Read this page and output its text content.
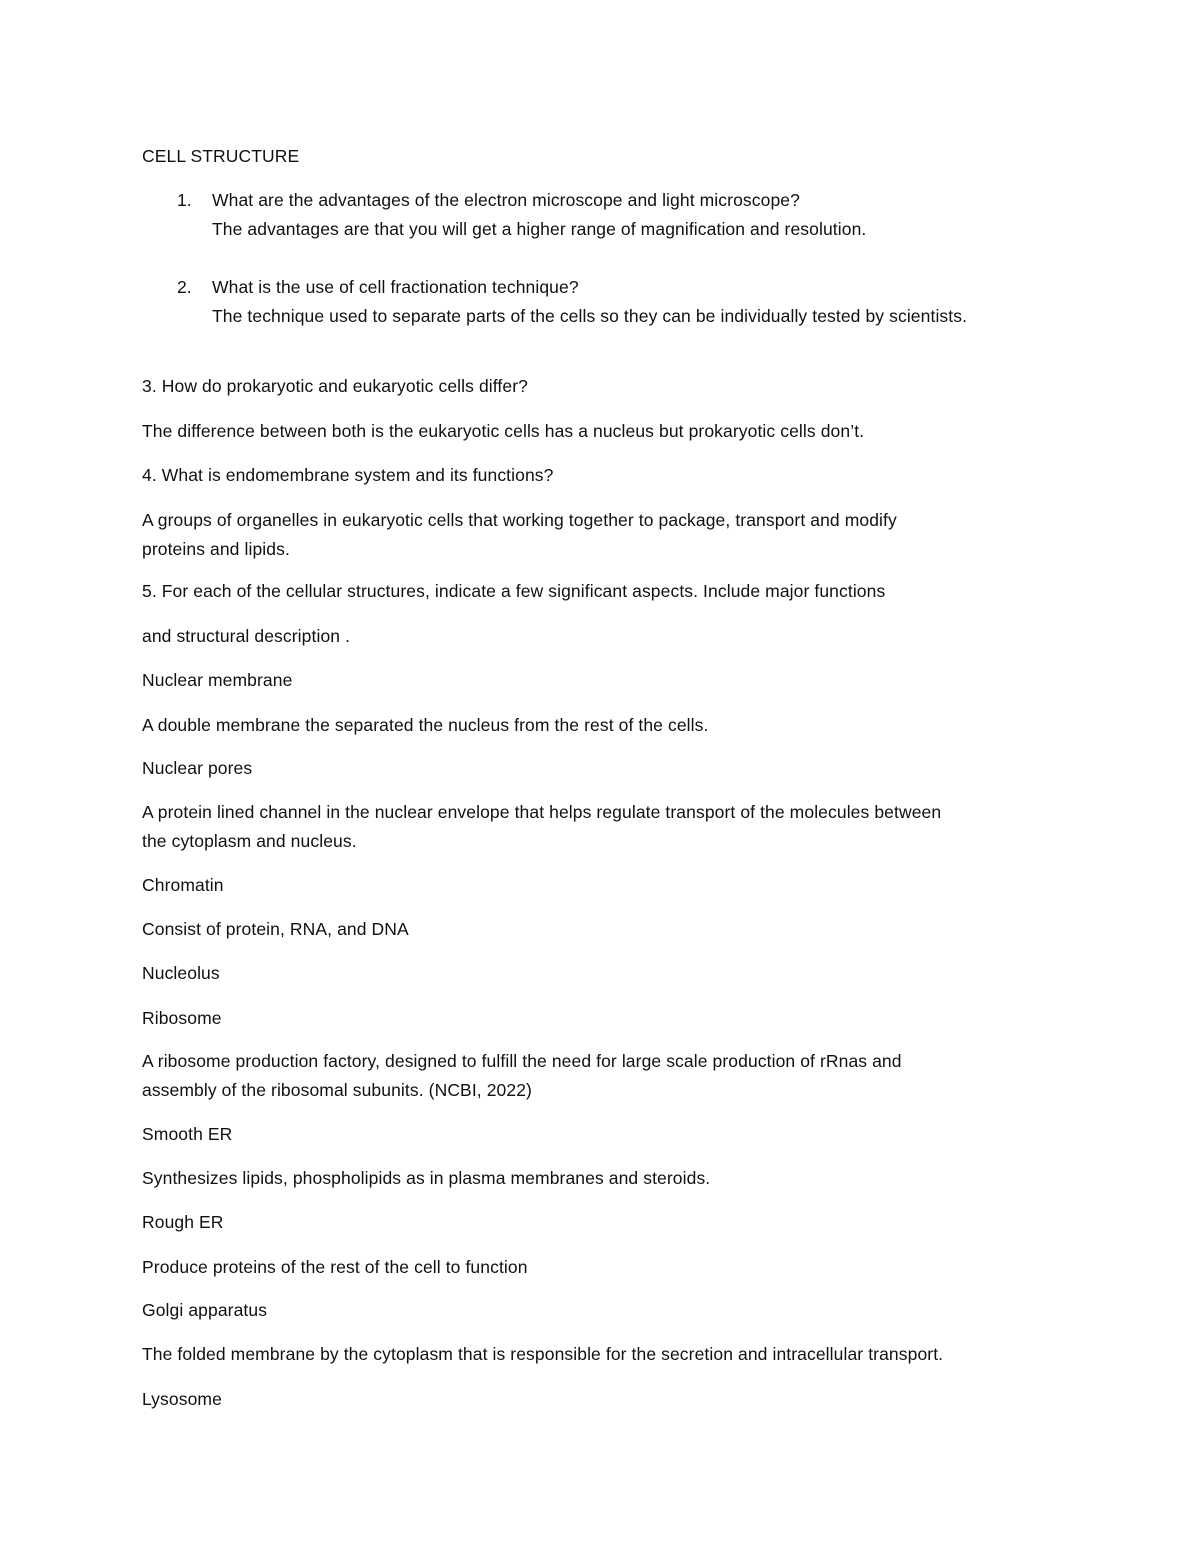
CELL STRUCTURE
1. What are the advantages of the electron microscope and light microscope?
The advantages are that you will get a higher range of magnification and resolution.
2. What is the use of cell fractionation technique?
The technique used to separate parts of the cells so they can be individually tested by scientists.
3. How do prokaryotic and eukaryotic cells differ?
The difference between both is the eukaryotic cells has a nucleus but prokaryotic cells don’t.
4. What is endomembrane system and its functions?
A groups of organelles in eukaryotic cells that working together to package, transport and modify
proteins and lipids.
5. For each of the cellular structures, indicate a few significant aspects. Include major functions
and structural description .
Nuclear membrane
A double membrane the separated the nucleus from the rest of the cells.
Nuclear pores
A protein lined channel in the nuclear envelope that helps regulate transport of the molecules between
the cytoplasm and nucleus.
Chromatin
Consist of protein, RNA, and DNA
Nucleolus
Ribosome
A ribosome production factory, designed to fulfill the need for large scale production of rRnas and
assembly of the ribosomal subunits. (NCBI, 2022)
Smooth ER
Synthesizes lipids, phospholipids as in plasma membranes and steroids.
Rough ER
Produce proteins of the rest of the cell to function
Golgi apparatus
The folded membrane by the cytoplasm that is responsible for the secretion and intracellular transport.
Lysosome
